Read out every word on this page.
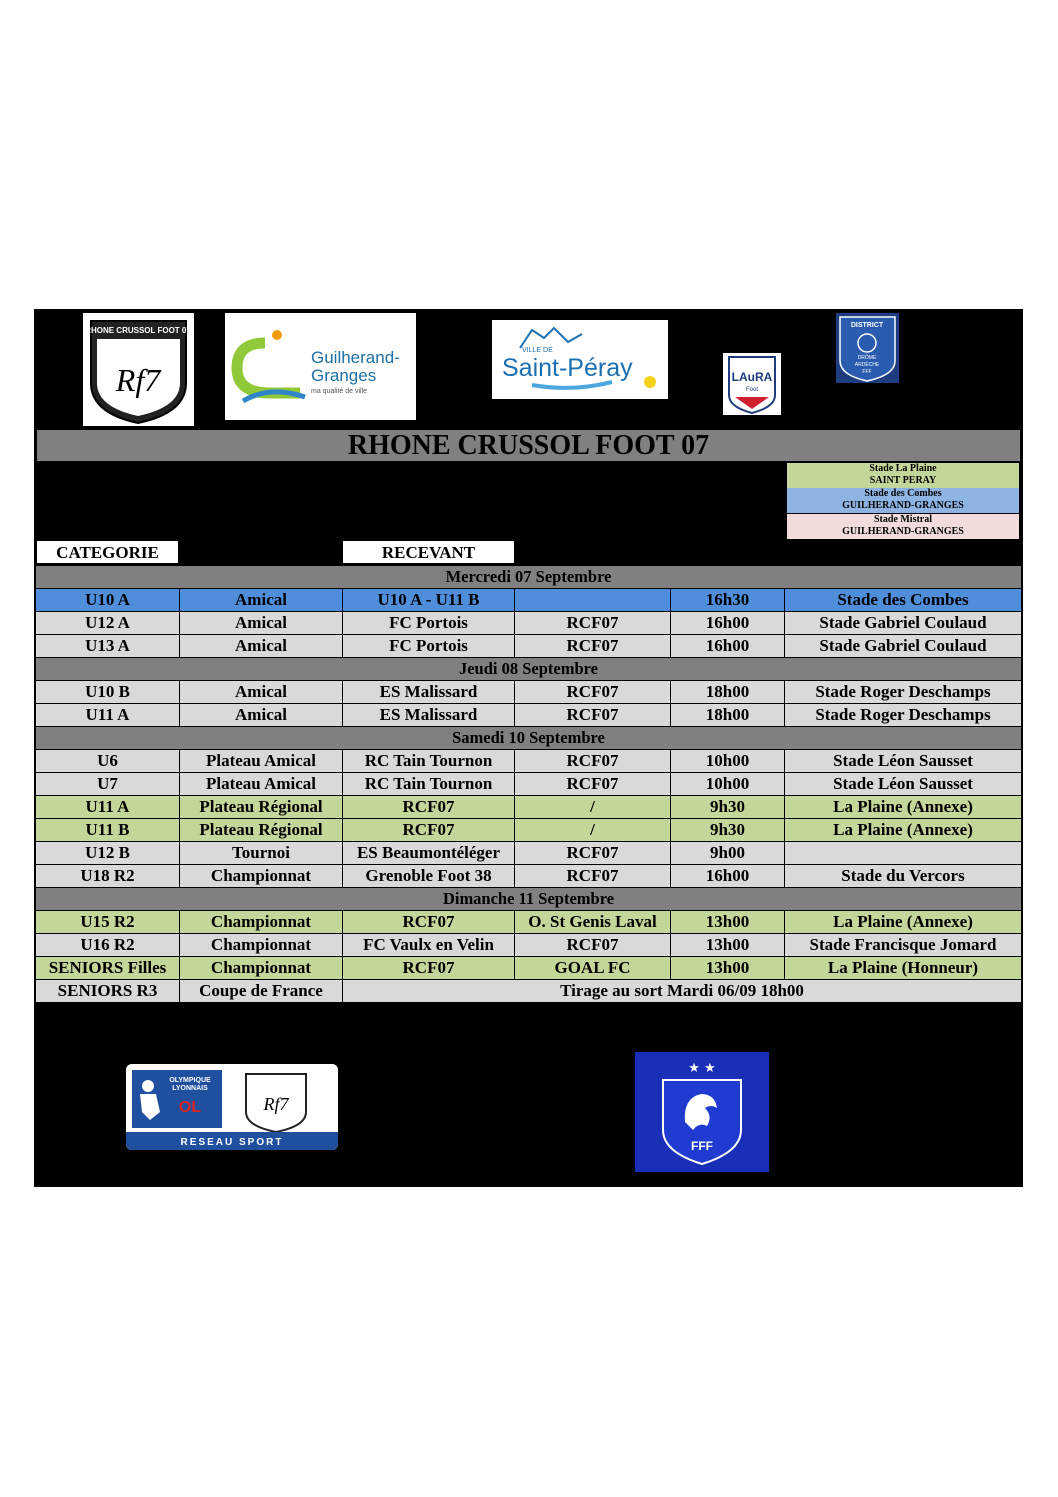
RHONE CRUSSOL FOOT 07
Rf7
Guilherand-
Granges
ma qualité de ville
VILLE DE
Saint-Péray	LAuRA
Foot
DISTRICT
DRÔME
ARDÈCHE
FFF
RHONE CRUSSOL FOOT 07
Stade La Plaine
SAINT PERAY
Stade des Combes
GUILHERAND-GRANGES
Stade Mistral
GUILHERAND-GRANGES
CATEGORIE	RECEVANT
Mercredi 07 Septembre					
U10 A	Amical	U10 A - U11 B		16h30	Stade des Combes
U12 A	Amical	FC Portois	RCF07	16h00	Stade Gabriel Coulaud
U13 A	Amical	FC Portois	RCF07	16h00	Stade Gabriel Coulaud
Jeudi 08 Septembre					
U10 B	Amical	ES Malissard	RCF07	18h00	Stade Roger Deschamps
U11 A	Amical	ES Malissard	RCF07	18h00	Stade Roger Deschamps
Samedi 10 Septembre					
U6	Plateau Amical	RC Tain Tournon	RCF07	10h00	Stade Léon Sausset
U7	Plateau Amical	RC Tain Tournon	RCF07	10h00	Stade Léon Sausset
U11 A	Plateau Régional	RCF07	/	9h30	La Plaine (Annexe)
U11 B	Plateau Régional	RCF07	/	9h30	La Plaine (Annexe)
U12 B	Tournoi	ES Beaumontéléger	RCF07	9h00	
U18 R2	Championnat	Grenoble Foot 38	RCF07	16h00	Stade du Vercors
Dimanche 11 Septembre					
U15 R2	Championnat	RCF07	O. St Genis Laval	13h00	La Plaine (Annexe)
U16 R2	Championnat	FC Vaulx en Velin	RCF07	13h00	Stade Francisque Jomard
SENIORS Filles	Championnat	RCF07	GOAL FC	13h00	La Plaine (Honneur)
SENIORS R3	Coupe de France	Tirage au sort Mardi 06/09 18h00			
OLYMPIQUE
LYONNAIS
OL	Rf7
RESEAU SPORT
★ ★
FFF
